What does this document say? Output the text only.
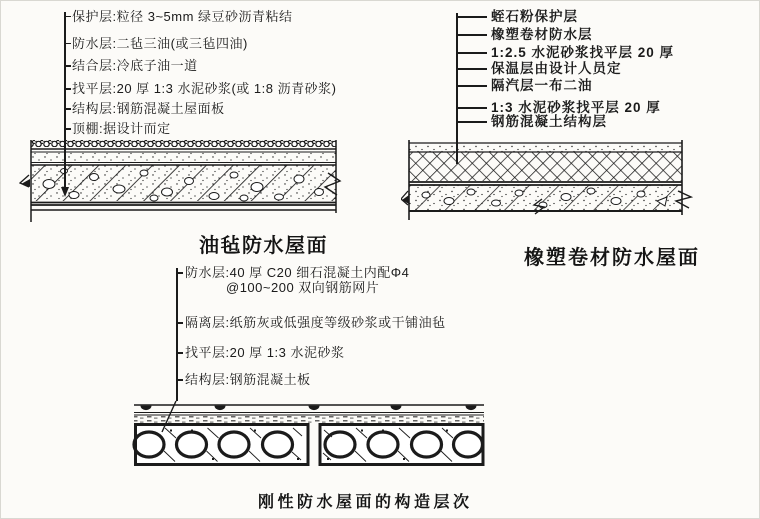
保护层:粒径 3~5mm 绿豆砂沥青粘结
防水层:二毡三油(或三毡四油)
结合层:冷底子油一道
找平层:20 厚 1:3 水泥砂浆(或 1:8 沥青砂浆)
结构层:钢筋混凝土屋面板
顶棚:据设计而定
油毡防水屋面
蛭石粉保护层
橡塑卷材防水层
1:2.5 水泥砂浆找平层 20 厚
保温层由设计人员定
隔汽层一布二油
1:3 水泥砂浆找平层 20 厚
钢筋混凝土结构层
橡塑卷材防水屋面
防水层:40 厚 C20 细石混凝土内配Φ4
@100~200 双向钢筋网片
隔离层:纸筋灰或低强度等级砂浆或干铺油毡
找平层:20 厚 1:3 水泥砂浆
结构层:钢筋混凝土板
刚性防水屋面的构造层次
